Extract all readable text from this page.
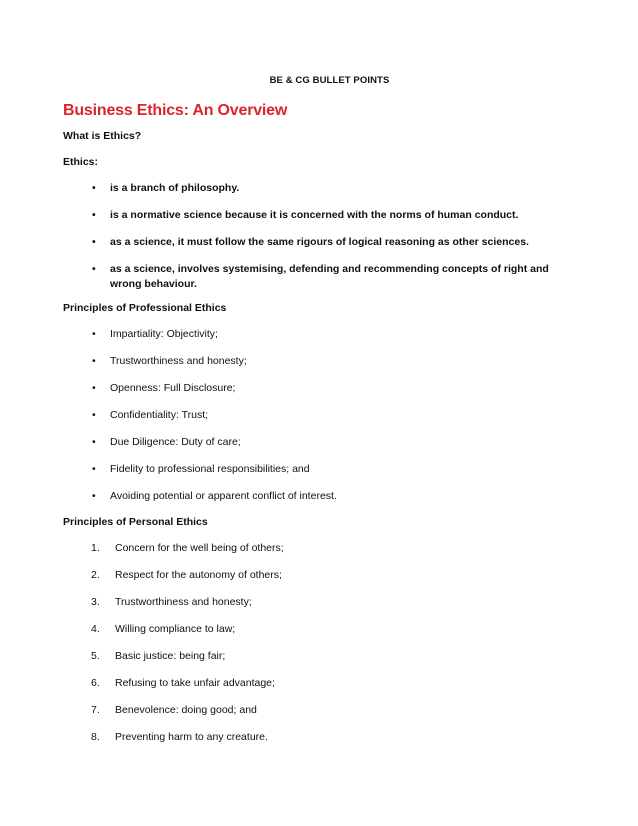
BE & CG BULLET POINTS
Business Ethics: An Overview
What is Ethics?
Ethics:
• is a branch of philosophy.
• is a normative science because it is concerned with the norms of human conduct.
• as a science, it must follow the same rigours of logical reasoning as other sciences.
• as a science, involves systemising, defending and recommending concepts of right and wrong behaviour.
Principles of Professional Ethics
• Impartiality: Objectivity;
• Trustworthiness and honesty;
• Openness: Full Disclosure;
• Confidentiality: Trust;
• Due Diligence: Duty of care;
• Fidelity to professional responsibilities; and
• Avoiding potential or apparent conflict of interest.
Principles of Personal Ethics
1. Concern for the well being of others;
2. Respect for the autonomy of others;
3. Trustworthiness and honesty;
4. Willing compliance to law;
5. Basic justice: being fair;
6. Refusing to take unfair advantage;
7. Benevolence: doing good; and
8. Preventing harm to any creature.
